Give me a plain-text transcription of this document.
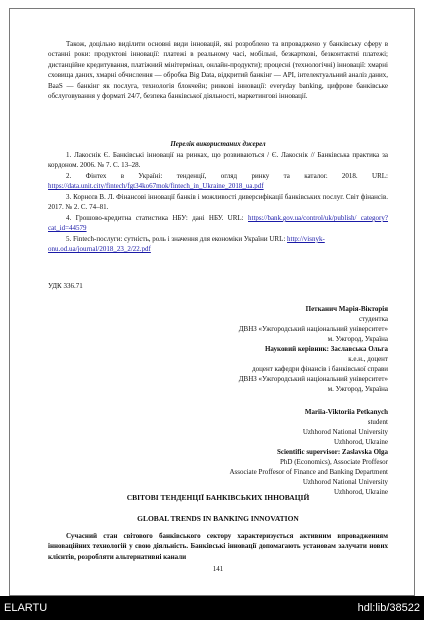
Також, доцільно виділити основні види інновацій, які розроблено та впроваджено у банківську сферу в останні роки: продуктові інновації: платежі в реальному часі, мобільні, безкартковi, безконтактні платежі; дистанційне кредитування, платіжний мінітермінал, онлайн-продукти); процесні (технологічні) інновації: хмарні сховища даних, хмарні обчислення — обробка Big Data, відкритий банкінг — API, інтелектуальний аналіз даних, BaaS — банкінг як послуга, технологія блокчейн; ринкові інновації: everyday banking, цифрове банківське обслуговування у форматі 24/7, безпека банківської діяльності, маркетингові інновації.

Перелік використаних джерел

1. Лакоснік Є. Банківські інновації на ринках, що розвиваються / Є. Лакоснік // Банківська практика за кордоном. 2006. № 7. С. 13–28.

2. Фінтех в Україні: тенденції, огляд ринку та каталог. 2018. URL: https://data.unit.city/fintech/fgt34ko67mok/fintech_in_Ukraine_2018_ua.pdf

3. Корнєєв В. Л. Фінансові інновації банків і можливості диверсифікації банківських послуг. Світ фінансів. 2017. № 2. С. 74–81.

4. Грошово-кредитна статистика НБУ: дані НБУ. URL: https://bank.gov.ua/control/uk/publish/ category?cat_id=44579
5. Fintech-послуги: сутність, роль і значення для економіки України URL: http://visnyk-
onu.od.ua/journal/2018_23_2/22.pdf

УДК 336.71

Петканич Марія-Вікторія

студентка

ДВНЗ «Ужгородський національний університет»

м. Ужгород, Україна

Науковий керівник: Заславська Ольга

к.е.н., доцент

доцент кафедри фінансів і банківської справи

ДВНЗ «Ужгородський національний університет»

м. Ужгород, Україна

Mariia-Viktoriia Petkanych

student

Uzhhorod National University

Uzhhorod, Ukraine

Scientific supervisor: Zaslavska Olga

PhD (Economics), Associate Proffesor

Associate Proffesor of Finance and Banking Department

Uzhhorod National University

Uzhhorod, Ukraine

СВІТОВІ ТЕНДЕНЦІЇ БАНКІВСЬКИХ ІННОВАЦІЙ

GLOBAL TRENDS IN BANKING INNOVATION

Сучасний стан світового банківського сектору характеризується активним впровадженням інноваційних технологій у свою діяльність. Банківські інновації допомагають установам залучати нових клієнтів, розробляти альтернативні канали

141

ELARTU	hdl:lib/38522
